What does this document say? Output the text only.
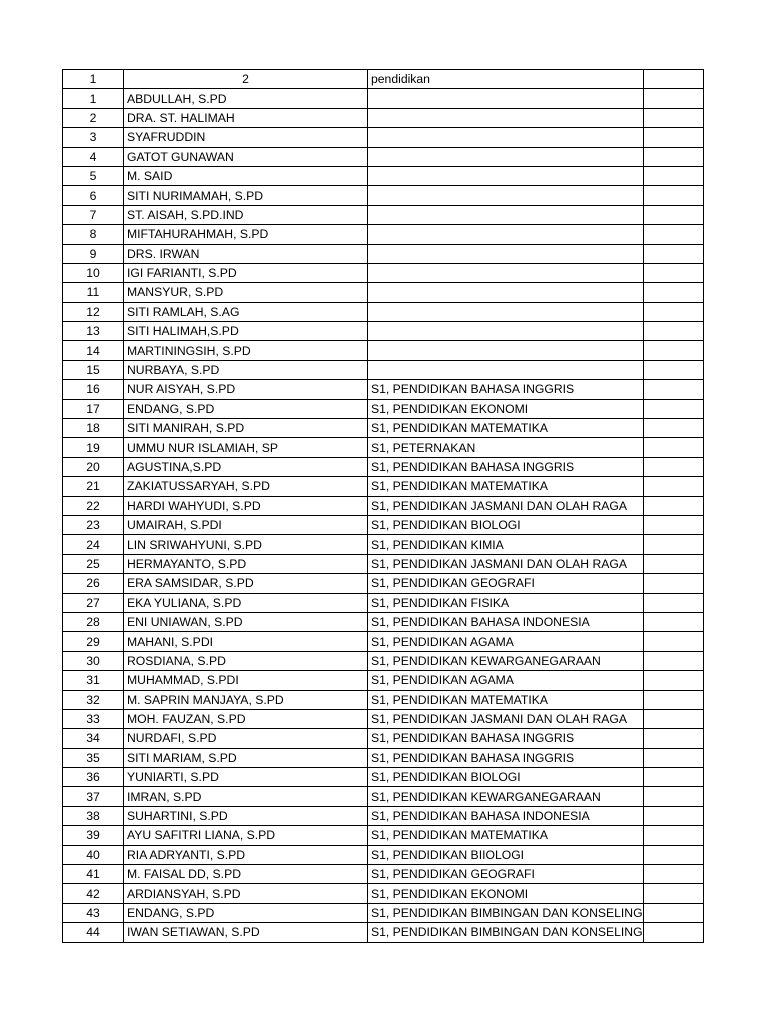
1	2	pendidikan	
1	ABDULLAH, S.PD		
2	DRA. ST. HALIMAH		
3	SYAFRUDDIN		
4	GATOT GUNAWAN		
5	M. SAID		
6	SITI NURIMAMAH, S.PD		
7	ST. AISAH, S.PD.IND		
8	MIFTAHURAHMAH, S.PD		
9	DRS. IRWAN		
10	IGI FARIANTI, S.PD		
11	MANSYUR, S.PD		
12	SITI RAMLAH, S.AG		
13	SITI HALIMAH,S.PD		
14	MARTININGSIH, S.PD		
15	NURBAYA, S.PD		
16	NUR AISYAH, S.PD	S1, PENDIDIKAN BAHASA INGGRIS	
17	ENDANG, S.PD	S1, PENDIDIKAN EKONOMI	
18	SITI MANIRAH, S.PD	S1, PENDIDIKAN MATEMATIKA	
19	UMMU NUR ISLAMIAH, SP	S1, PETERNAKAN	
20	AGUSTINA,S.PD	S1, PENDIDIKAN BAHASA INGGRIS	
21	ZAKIATUSSARYAH, S.PD	S1, PENDIDIKAN MATEMATIKA	
22	HARDI WAHYUDI, S.PD	S1, PENDIDIKAN JASMANI DAN OLAH RAGA	
23	UMAIRAH, S.PDI	S1, PENDIDIKAN BIOLOGI	
24	LIN SRIWAHYUNI, S.PD	S1, PENDIDIKAN KIMIA	
25	HERMAYANTO, S.PD	S1, PENDIDIKAN JASMANI DAN OLAH RAGA	
26	ERA SAMSIDAR, S.PD	S1, PENDIDIKAN GEOGRAFI	
27	EKA YULIANA, S.PD	S1, PENDIDIKAN FISIKA	
28	ENI UNIAWAN, S.PD	S1, PENDIDIKAN BAHASA INDONESIA	
29	MAHANI, S.PDI	S1, PENDIDIKAN AGAMA	
30	ROSDIANA, S.PD	S1, PENDIDIKAN KEWARGANEGARAAN	
31	MUHAMMAD, S.PDI	S1, PENDIDIKAN AGAMA	
32	M. SAPRIN MANJAYA, S.PD	S1, PENDIDIKAN MATEMATIKA	
33	MOH. FAUZAN, S.PD	S1, PENDIDIKAN JASMANI DAN OLAH RAGA	
34	NURDAFI, S.PD	S1, PENDIDIKAN BAHASA INGGRIS	
35	SITI MARIAM, S.PD	S1, PENDIDIKAN BAHASA INGGRIS	
36	YUNIARTI, S.PD	S1, PENDIDIKAN BIOLOGI	
37	IMRAN, S.PD	S1, PENDIDIKAN KEWARGANEGARAAN	
38	SUHARTINI, S.PD	S1, PENDIDIKAN BAHASA INDONESIA	
39	AYU SAFITRI LIANA, S.PD	S1, PENDIDIKAN MATEMATIKA	
40	RIA ADRYANTI, S.PD	S1, PENDIDIKAN BIIOLOGI	
41	M. FAISAL DD, S.PD	S1, PENDIDIKAN GEOGRAFI	
42	ARDIANSYAH, S.PD	S1, PENDIDIKAN EKONOMI	
43	ENDANG, S.PD	S1, PENDIDIKAN BIMBINGAN DAN KONSELING	
44	IWAN SETIAWAN, S.PD	S1, PENDIDIKAN BIMBINGAN DAN KONSELING	
